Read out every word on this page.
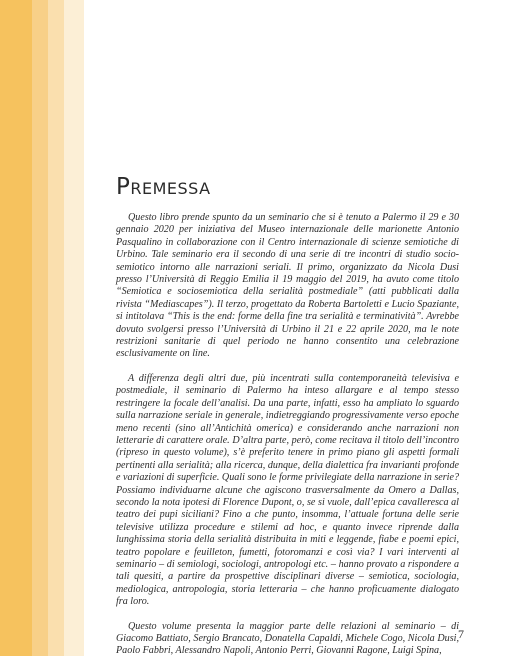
Premessa

Questo libro prende spunto da un seminario che si è tenuto a Palermo il 29 e 30 gennaio 2020 per iniziativa del Museo internazionale delle marionette Antonio Pasqualino in collaborazione con il Centro internazionale di scienze semiotiche di Urbino. Tale seminario era il secondo di una serie di tre incontri di studio socio-semiotico intorno alle narrazioni seriali. Il primo, organizzato da Nicola Dusi presso l’Università di Reggio Emilia il 19 maggio del 2019, ha avuto come titolo “Semiotica e sociosemiotica della serialità postmediale” (atti pubblicati dalla rivista “Mediascapes”). Il terzo, progettato da Roberta Bartoletti e Lucio Spaziante, si intitolava “This is the end: forme della fine tra serialità e terminatività”. Avrebbe dovuto svolgersi presso l’Università di Urbino il 21 e 22 aprile 2020, ma le note restrizioni sanitarie di quel periodo ne hanno consentito una celebrazione esclusivamente on line.

A differenza degli altri due, più incentrati sulla contemporaneità televisiva e postmediale, il seminario di Palermo ha inteso allargare e al tempo stesso restringere la focale dell’analisi. Da una parte, infatti, esso ha ampliato lo sguardo sulla narrazione seriale in generale, indietreggiando progressivamente verso epoche meno recenti (sino all’Antichità omerica) e considerando anche narrazioni non letterarie di carattere orale. D’altra parte, però, come recitava il titolo dell’incontro (ripreso in questo volume), s’è preferito tenere in primo piano gli aspetti formali pertinenti alla serialità; alla ricerca, dunque, della dialettica fra invarianti profonde e variazioni di superficie. Quali sono le forme privilegiate della narrazione in serie? Possiamo individuarne alcune che agiscono trasversalmente da Omero a Dallas, secondo la nota ipotesi di Florence Dupont, o, se si vuole, dall’epica cavalleresca al teatro dei pupi siciliani? Fino a che punto, insomma, l’attuale fortuna delle serie televisive utilizza procedure e stilemi ad hoc, e quanto invece riprende dalla lunghissima storia della serialità distribuita in miti e leggende, fiabe e poemi epici, teatro popolare e feuilleton, fumetti, fotoromanzi e così via? I vari interventi al seminario – di semiologi, sociologi, antropologi etc. – hanno provato a rispondere a tali quesiti, a partire da prospettive disciplinari diverse – semiotica, sociologia, mediologica, antropologia, storia letteraria – che hanno proficuamente dialogato fra loro.

Questo volume presenta la maggior parte delle relazioni al seminario – di Giacomo Battiato, Sergio Brancato, Donatella Capaldi, Michele Cogo, Nicola Dusi, Paolo Fabbri, Alessandro Napoli, Antonio Perri, Giovanni Ragone, Luigi Spina,

7
